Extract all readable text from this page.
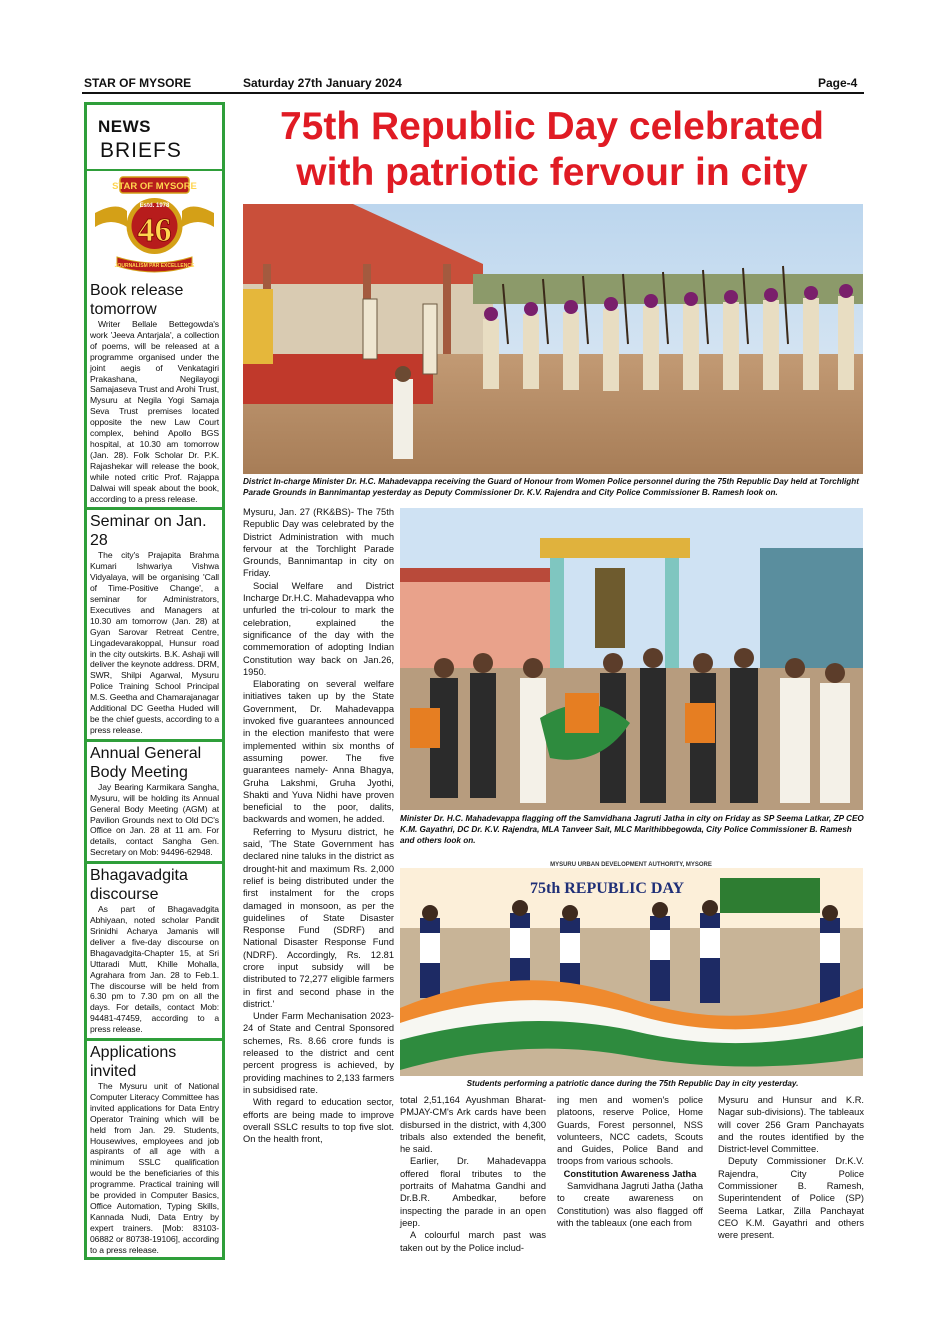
STAR OF MYSORE	Saturday 27th January 2024	Page-4
NEWS
BRIEFS
STAR OF MYSORE
Estd. 1978
46
JOURNALISM PAR EXCELLENCE
Book release tomorrow

Writer Bellale Bettegowda's work 'Jeeva Antarjala', a collection of poems, will be released at a programme organised under the joint aegis of Venkatagiri Prakashana, Negilayogi Samajaseva Trust and Arohi Trust, Mysuru at Negila Yogi Samaja Seva Trust premises located opposite the new Law Court complex, behind Apollo BGS hospital, at 10.30 am tomorrow (Jan. 28). Folk Scholar Dr. P.K. Rajashekar will release the book, while noted critic Prof. Rajappa Dalwai will speak about the book, according to a press release.

Seminar on Jan. 28

The city's Prajapita Brahma Kumari Ishwariya Vishwa Vidyalaya, will be organising 'Call of Time-Positive Change', a seminar for Administrators, Executives and Managers at 10.30 am tomorrow (Jan. 28) at Gyan Sarovar Retreat Centre, Lingadevarakoppal, Hunsur road in the city outskirts. B.K. Ashaji will deliver the keynote address. DRM, SWR, Shilpi Agarwal, Mysuru Police Training School Principal M.S. Geetha and Chamarajanagar Additional DC Geetha Huded will be the chief guests, according to a press release.

Annual General Body Meeting

Jay Bearing Karmikara Sangha, Mysuru, will be holding its Annual General Body Meeting (AGM) at Pavilion Grounds next to Old DC's Office on Jan. 28 at 11 am. For details, contact Sangha Gen. Secretary on Mob: 94496-62948.

Bhagavadgita discourse

As part of Bhagavadgita Abhiyaan, noted scholar Pandit Srinidhi Acharya Jamanis will deliver a five-day discourse on Bhagavadgita-Chapter 15, at Sri Uttaradi Mutt, Khille Mohalla, Agrahara from Jan. 28 to Feb.1. The discourse will be held from 6.30 pm to 7.30 pm on all the days. For details, contact Mob: 94481-47459, according to a press release.

Applications invited

The Mysuru unit of National Computer Literacy Committee has invited applications for Data Entry Operator Training which will be held from Jan. 29. Students, Housewives, employees and job aspirants of all age with a minimum SSLC qualification would be the beneficiaries of this programme. Practical training will be provided in Computer Basics, Office Automation, Typing Skills, Kannada Nudi, Data Entry by expert trainers. [Mob: 83103-06882 or 80738-19106], according to a press release.

75th Republic Day celebrated
with patriotic fervour in city
District In-charge Minister Dr. H.C. Mahadevappa receiving the Guard of Honour from Women Police personnel during the 75th Republic Day held at Torchlight Parade Grounds in Bannimantap yesterday as Deputy Commissioner Dr. K.V. Rajendra and City Police Commissioner B. Ramesh look on.

Mysuru, Jan. 27 (RK&BS)- The 75th Republic Day was celebrated by the District Administration with much fervour at the Torchlight Parade Grounds, Bannimantap in city on Friday.

Social Welfare and District Incharge Dr.H.C. Mahadevappa who unfurled the tri-colour to mark the celebration, explained the significance of the day with the commemoration of adopting Indian Constitution way back on Jan.26, 1950.

Elaborating on several welfare initiatives taken up by the State Government, Dr. Mahadevappa invoked five guarantees announced in the election manifesto that were implemented within six months of assuming power. The five guarantees namely- Anna Bhagya, Gruha Lakshmi, Gruha Jyothi, Shakti and Yuva Nidhi have proven beneficial to the poor, dalits, backwards and women, he added.

Referring to Mysuru district, he said, 'The State Government has declared nine taluks in the district as drought-hit and maximum Rs. 2,000 relief is being distributed under the first instalment for the crops damaged in monsoon, as per the guidelines of State Disaster Response Fund (SDRF) and National Disaster Response Fund (NDRF). Accordingly, Rs. 12.81 crore input subsidy will be distributed to 72,277 eligible farmers in first and second phase in the district.'

Under Farm Mechanisation 2023-24 of State and Central Sponsored schemes, Rs. 8.66 crore funds is released to the district and cent percent progress is achieved, by providing machines to 2,133 farmers in subsidised rate.

With regard to education sector, efforts are being made to improve overall SSLC results to top five slot. On the health front,

Minister Dr. H.C. Mahadevappa flagging off the Samvidhana Jagruti Jatha in city on Friday as SP Seema Latkar, ZP CEO K.M. Gayathri, DC Dr. K.V. Rajendra, MLA Tanveer Sait, MLC Marithibbegowda, City Police Commissioner B. Ramesh and others look on.
MYSURU URBAN DEVELOPMENT AUTHORITY, MYSORE
75th REPUBLIC DAY
Students performing a patriotic dance during the 75th Republic Day in city yesterday.

total 2,51,164 Ayushman Bharat-PMJAY-CM's Ark cards have been disbursed in the district, with 4,300 tribals also extended the benefit, he said.

Earlier, Dr. Mahadevappa offered floral tributes to the portraits of Mahatma Gandhi and Dr.B.R. Ambedkar, before inspecting the parade in an open jeep.

A colourful march past was taken out by the Police includ-

ing men and women's police platoons, reserve Police, Home Guards, Forest personnel, NSS volunteers, NCC cadets, Scouts and Guides, Police Band and troops from various schools.

Constitution Awareness Jatha

Samvidhana Jagruti Jatha (Jatha to create awareness on Constitution) was also flagged off with the tableaux (one each from

Mysuru and Hunsur and K.R. Nagar sub-divisions). The tableaux will cover 256 Gram Panchayats and the routes identified by the District-level Committee.

Deputy Commissioner Dr.K.V. Rajendra, City Police Commissioner B. Ramesh, Superintendent of Police (SP) Seema Latkar, Zilla Panchayat CEO K.M. Gayathri and others were present.
